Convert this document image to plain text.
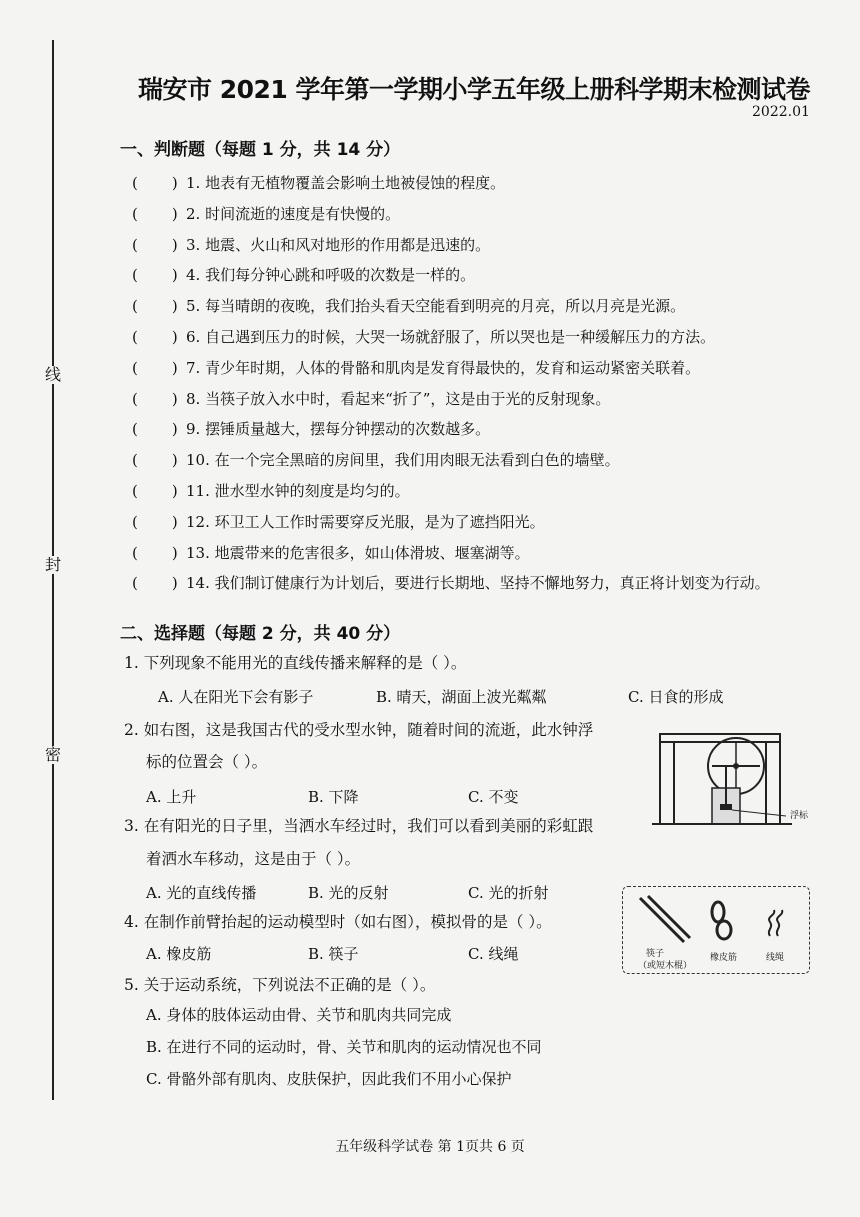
线
封
密
瑞安市 2021 学年第一学期小学五年级上册科学期末检测试卷
2022.01
一、判断题（每题 1 分，共 14 分）
( ) 1. 地表有无植物覆盖会影响土地被侵蚀的程度。
( ) 2. 时间流逝的速度是有快慢的。
( ) 3. 地震、火山和风对地形的作用都是迅速的。
( ) 4. 我们每分钟心跳和呼吸的次数是一样的。
( ) 5. 每当晴朗的夜晚，我们抬头看天空能看到明亮的月亮，所以月亮是光源。
( ) 6. 自己遇到压力的时候，大哭一场就舒服了，所以哭也是一种缓解压力的方法。
( ) 7. 青少年时期，人体的骨骼和肌肉是发育得最快的，发育和运动紧密关联着。
( ) 8. 当筷子放入水中时，看起来“折了”，这是由于光的反射现象。
( ) 9. 摆锤质量越大，摆每分钟摆动的次数越多。
( ) 10. 在一个完全黑暗的房间里，我们用肉眼无法看到白色的墙壁。
( ) 11. 泄水型水钟的刻度是均匀的。
( ) 12. 环卫工人工作时需要穿反光服，是为了遮挡阳光。
( ) 13. 地震带来的危害很多，如山体滑坡、堰塞湖等。
( ) 14. 我们制订健康行为计划后，要进行长期地、坚持不懈地努力，真正将计划变为行动。
二、选择题（每题 2 分，共 40 分）
1. 下列现象不能用光的直线传播来解释的是（ ）。
A. 人在阳光下会有影子	B. 晴天，湖面上波光粼粼	C. 日食的形成
2. 如右图，这是我国古代的受水型水钟，随着时间的流逝，此水钟浮
标的位置会（ ）。
A. 上升	B. 下降	C. 不变
浮标
3. 在有阳光的日子里，当洒水车经过时，我们可以看到美丽的彩虹跟
着洒水车移动，这是由于（ ）。
A. 光的直线传播	B. 光的反射	C. 光的折射
4. 在制作前臂抬起的运动模型时（如右图），模拟骨的是（ ）。
A. 橡皮筋	B. 筷子	C. 线绳	筷子
（或短木棍）
橡皮筋	线绳
5. 关于运动系统，下列说法不正确的是（ ）。
A. 身体的肢体运动由骨、关节和肌肉共同完成
B. 在进行不同的运动时，骨、关节和肌肉的运动情况也不同
C. 骨骼外部有肌肉、皮肤保护，因此我们不用小心保护
五年级科学试卷 第 1页共 6 页
